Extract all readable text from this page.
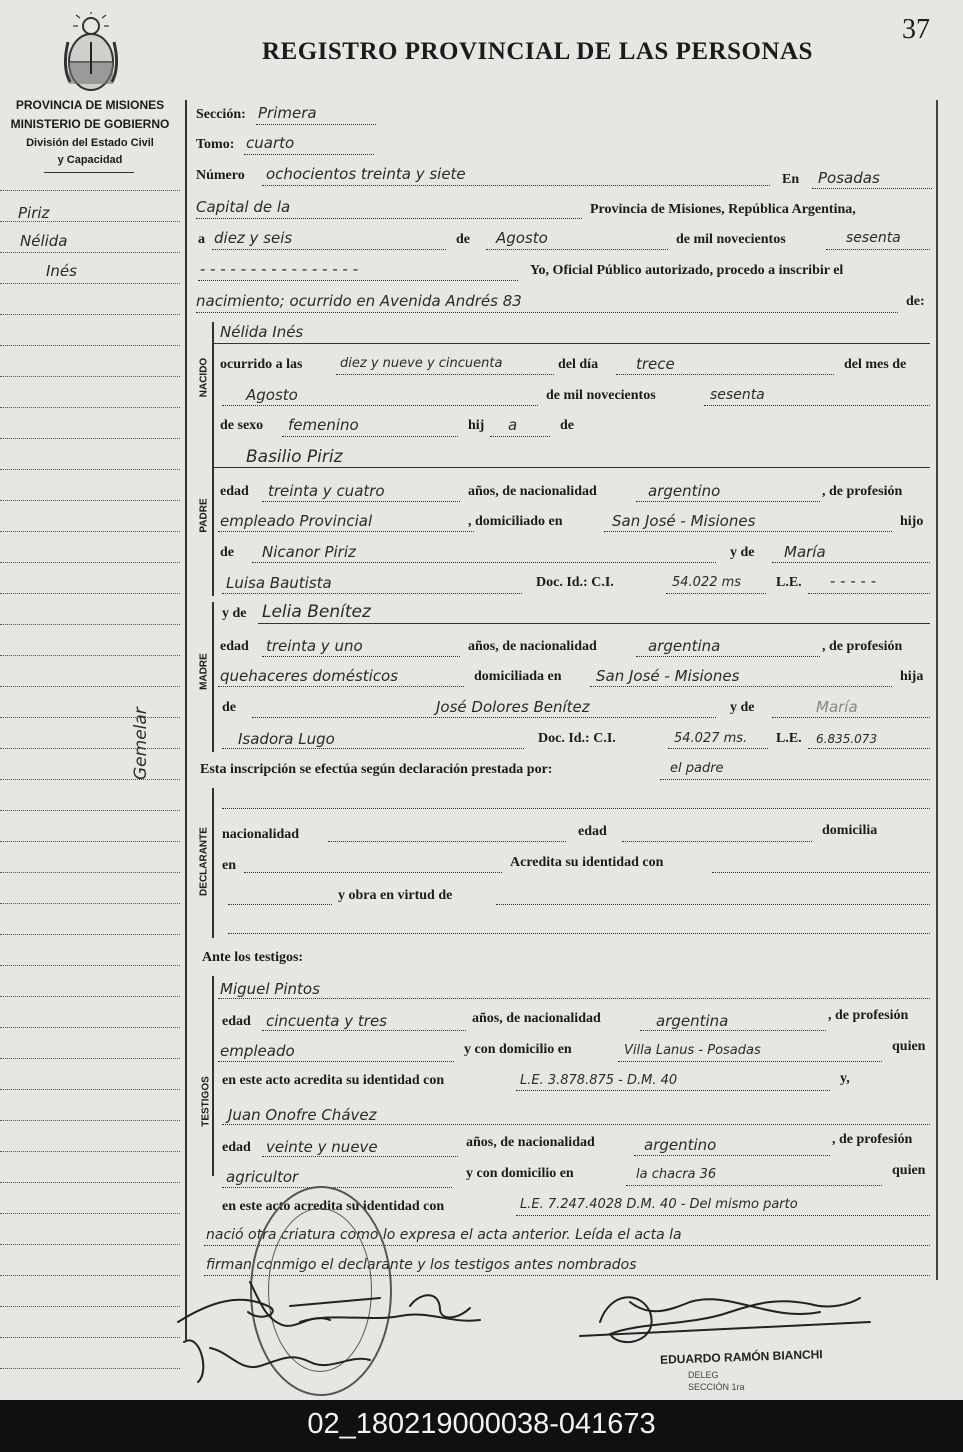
REGISTRO PROVINCIAL DE LAS PERSONAS
37
PROVINCIA DE MISIONES
MINISTERIO DE GOBIERNO
División del Estado Civil
y Capacidad
Piriz
Nélida
Inés
Gemelar
Sección: Primera
Tomo: cuarto
Número ochocientos treinta y siete	En Posadas
Capital de la	Provincia de Misiones, República Argentina,
a diez y seis	de Agosto	de mil novecientos	sesenta
- - - - - - - - - - - - - - - -	Yo, Oficial Público autorizado, procedo a inscribir el
nacimiento; ocurrido en Avenida Andrés 83	de:
NACIDO
Nélida Inés
ocurrido a las	diez y nueve y cincuenta	del día	trece	del mes de
Agosto	de mil novecientos	sesenta
de sexo femenino	hij a	de
PADRE
Basilio Piriz
edad treinta y cuatro	años, de nacionalidad	argentino	, de profesión
empleado Provincial	, domiciliado en	San José - Misiones	hijo
de Nicanor Piriz	y de María
Luisa Bautista	Doc. Id.: C.I.	54.022 ms L.E. - - - - -
MADRE
y de Lelia Benítez
edad treinta y uno	años, de nacionalidad	argentina	, de profesión
quehaceres domésticos	domiciliada en San José - Misiones	hija
de	José Dolores Benítez	y de	María
Isadora Lugo	Doc. Id.: C.I.	54.027 ms. L.E. 6.835.073
Esta inscripción se efectúa según declaración prestada por:	el padre
DECLARANTE nacionalidad	edad	domicilia
en	Acredita su identidad con
y obra en virtud de
Ante los testigos:
TESTIGOS
Miguel Pintos
edad cincuenta y tres	años, de nacionalidad	argentina	, de profesión
empleado	y con domicilio en	Villa Lanus - Posadas	quien
en este acto acredita su identidad con	L.E. 3.878.875 - D.M. 40	y,
Juan Onofre Chávez
edad veinte y nueve	años, de nacionalidad	argentino	, de profesión
agricultor	y con domicilio en	la chacra 36	quien
en este acto acredita su identidad con	L.E. 7.247.4028 D.M. 40 - Del mismo parto
nació otra criatura como lo expresa el acta anterior. Leída el acta la
firman conmigo el declarante y los testigos antes nombrados
EDUARDO RAMÓN BIANCHI
DELEG
SECCIÓN 1ra
02_180219000038-041673
